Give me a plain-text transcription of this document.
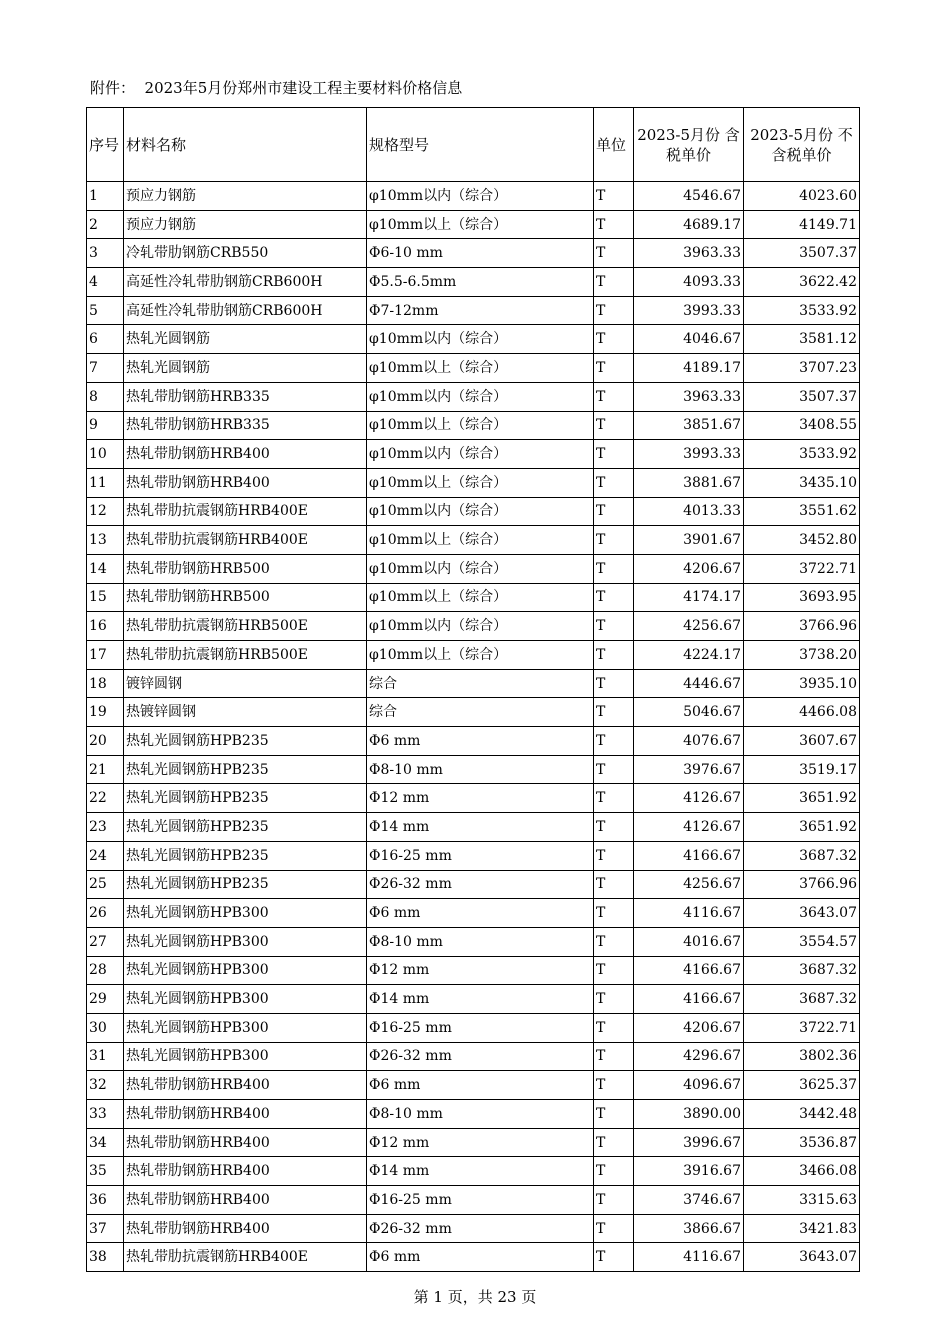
附件：  2023年5月份郑州市建设工程主要材料价格信息
序号	材料名称	规格型号	单位	2023-5月份 含税单价	2023-5月份 不含税单价
1	预应力钢筋	φ10mm以内（综合）	T	4546.67	4023.60
2	预应力钢筋	φ10mm以上（综合）	T	4689.17	4149.71
3	冷轧带肋钢筋CRB550	Φ6-10 mm	T	3963.33	3507.37
4	高延性冷轧带肋钢筋CRB600H	Φ5.5-6.5mm	T	4093.33	3622.42
5	高延性冷轧带肋钢筋CRB600H	Φ7-12mm	T	3993.33	3533.92
6	热轧光圆钢筋	φ10mm以内（综合）	T	4046.67	3581.12
7	热轧光圆钢筋	φ10mm以上（综合）	T	4189.17	3707.23
8	热轧带肋钢筋HRB335	φ10mm以内（综合）	T	3963.33	3507.37
9	热轧带肋钢筋HRB335	φ10mm以上（综合）	T	3851.67	3408.55
10	热轧带肋钢筋HRB400	φ10mm以内（综合）	T	3993.33	3533.92
11	热轧带肋钢筋HRB400	φ10mm以上（综合）	T	3881.67	3435.10
12	热轧带肋抗震钢筋HRB400E	φ10mm以内（综合）	T	4013.33	3551.62
13	热轧带肋抗震钢筋HRB400E	φ10mm以上（综合）	T	3901.67	3452.80
14	热轧带肋钢筋HRB500	φ10mm以内（综合）	T	4206.67	3722.71
15	热轧带肋钢筋HRB500	φ10mm以上（综合）	T	4174.17	3693.95
16	热轧带肋抗震钢筋HRB500E	φ10mm以内（综合）	T	4256.67	3766.96
17	热轧带肋抗震钢筋HRB500E	φ10mm以上（综合）	T	4224.17	3738.20
18	镀锌圆钢	综合	T	4446.67	3935.10
19	热镀锌圆钢	综合	T	5046.67	4466.08
20	热轧光圆钢筋HPB235	Φ6 mm	T	4076.67	3607.67
21	热轧光圆钢筋HPB235	Φ8-10 mm	T	3976.67	3519.17
22	热轧光圆钢筋HPB235	Φ12 mm	T	4126.67	3651.92
23	热轧光圆钢筋HPB235	Φ14 mm	T	4126.67	3651.92
24	热轧光圆钢筋HPB235	Φ16-25 mm	T	4166.67	3687.32
25	热轧光圆钢筋HPB235	Φ26-32 mm	T	4256.67	3766.96
26	热轧光圆钢筋HPB300	Φ6 mm	T	4116.67	3643.07
27	热轧光圆钢筋HPB300	Φ8-10 mm	T	4016.67	3554.57
28	热轧光圆钢筋HPB300	Φ12 mm	T	4166.67	3687.32
29	热轧光圆钢筋HPB300	Φ14 mm	T	4166.67	3687.32
30	热轧光圆钢筋HPB300	Φ16-25 mm	T	4206.67	3722.71
31	热轧光圆钢筋HPB300	Φ26-32 mm	T	4296.67	3802.36
32	热轧带肋钢筋HRB400	Φ6 mm	T	4096.67	3625.37
33	热轧带肋钢筋HRB400	Φ8-10 mm	T	3890.00	3442.48
34	热轧带肋钢筋HRB400	Φ12 mm	T	3996.67	3536.87
35	热轧带肋钢筋HRB400	Φ14 mm	T	3916.67	3466.08
36	热轧带肋钢筋HRB400	Φ16-25 mm	T	3746.67	3315.63
37	热轧带肋钢筋HRB400	Φ26-32 mm	T	3866.67	3421.83
38	热轧带肋抗震钢筋HRB400E	Φ6 mm	T	4116.67	3643.07
第 1 页，共 23 页
